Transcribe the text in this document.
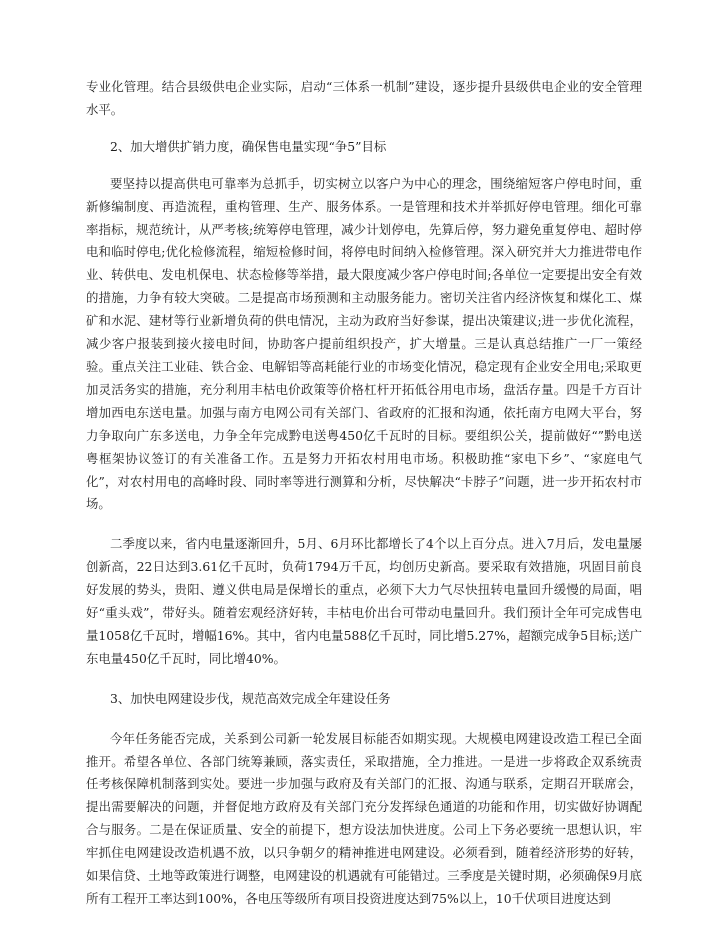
专业化管理。结合县级供电企业实际，启动“三体系一机制”建设，逐步提升县级供电企业的安全管理水平。

2、加大增供扩销力度，确保售电量实现“争5”目标

要坚持以提高供电可靠率为总抓手，切实树立以客户为中心的理念，围绕缩短客户停电时间，重新修编制度、再造流程，重构管理、生产、服务体系。一是管理和技术并举抓好停电管理。细化可靠率指标，规范统计，从严考核;统筹停电管理，减少计划停电，先算后停，努力避免重复停电、超时停电和临时停电;优化检修流程，缩短检修时间，将停电时间纳入检修管理。深入研究并大力推进带电作业、转供电、发电机保电、状态检修等举措，最大限度减少客户停电时间;各单位一定要提出安全有效的措施，力争有较大突破。二是提高市场预测和主动服务能力。密切关注省内经济恢复和煤化工、煤矿和水泥、建材等行业新增负荷的供电情况，主动为政府当好参谋，提出决策建议;进一步优化流程，减少客户报装到接火接电时间，协助客户提前组织投产，扩大增量。三是认真总结推广一厂一策经验。重点关注工业硅、铁合金、电解铝等高耗能行业的市场变化情况，稳定现有企业安全用电;采取更加灵活务实的措施，充分利用丰枯电价政策等价格杠杆开拓低谷用电市场，盘活存量。四是千方百计增加西电东送电量。加强与南方电网公司有关部门、省政府的汇报和沟通，依托南方电网大平台，努力争取向广东多送电，力争全年完成黔电送粤450亿千瓦时的目标。要组织公关，提前做好“”黔电送粤框架协议签订的有关准备工作。五是努力开拓农村用电市场。积极助推“家电下乡”、“家庭电气化”，对农村用电的高峰时段、同时率等进行测算和分析，尽快解决“卡脖子”问题，进一步开拓农村市场。

二季度以来，省内电量逐渐回升，5月、6月环比都增长了4个以上百分点。进入7月后，发电量屡创新高，22日达到3.61亿千瓦时，负荷1794万千瓦，均创历史新高。要采取有效措施，巩固目前良好发展的势头，贵阳、遵义供电局是保增长的重点，必须下大力气尽快扭转电量回升缓慢的局面，唱好“重头戏”，带好头。随着宏观经济好转，丰枯电价出台可带动电量回升。我们预计全年可完成售电量1058亿千瓦时，增幅16%。其中，省内电量588亿千瓦时，同比增5.27%，超额完成争5目标;送广东电量450亿千瓦时，同比增40%。

3、加快电网建设步伐，规范高效完成全年建设任务

今年任务能否完成，关系到公司新一轮发展目标能否如期实现。大规模电网建设改造工程已全面推开。希望各单位、各部门统筹兼顾，落实责任，采取措施，全力推进。一是进一步将政企双系统责任考核保障机制落到实处。要进一步加强与政府及有关部门的汇报、沟通与联系，定期召开联席会，提出需要解决的问题，并督促地方政府及有关部门充分发挥绿色通道的功能和作用，切实做好协调配合与服务。二是在保证质量、安全的前提下，想方设法加快进度。公司上下务必要统一思想认识，牢牢抓住电网建设改造机遇不放，以只争朝夕的精神推进电网建设。必须看到，随着经济形势的好转，如果信贷、土地等政策进行调整，电网建设的机遇就有可能错过。三季度是关键时期，必须确保9月底所有工程开工率达到100%，各电压等级所有项目投资进度达到75%以上，10千伏项目进度达到
